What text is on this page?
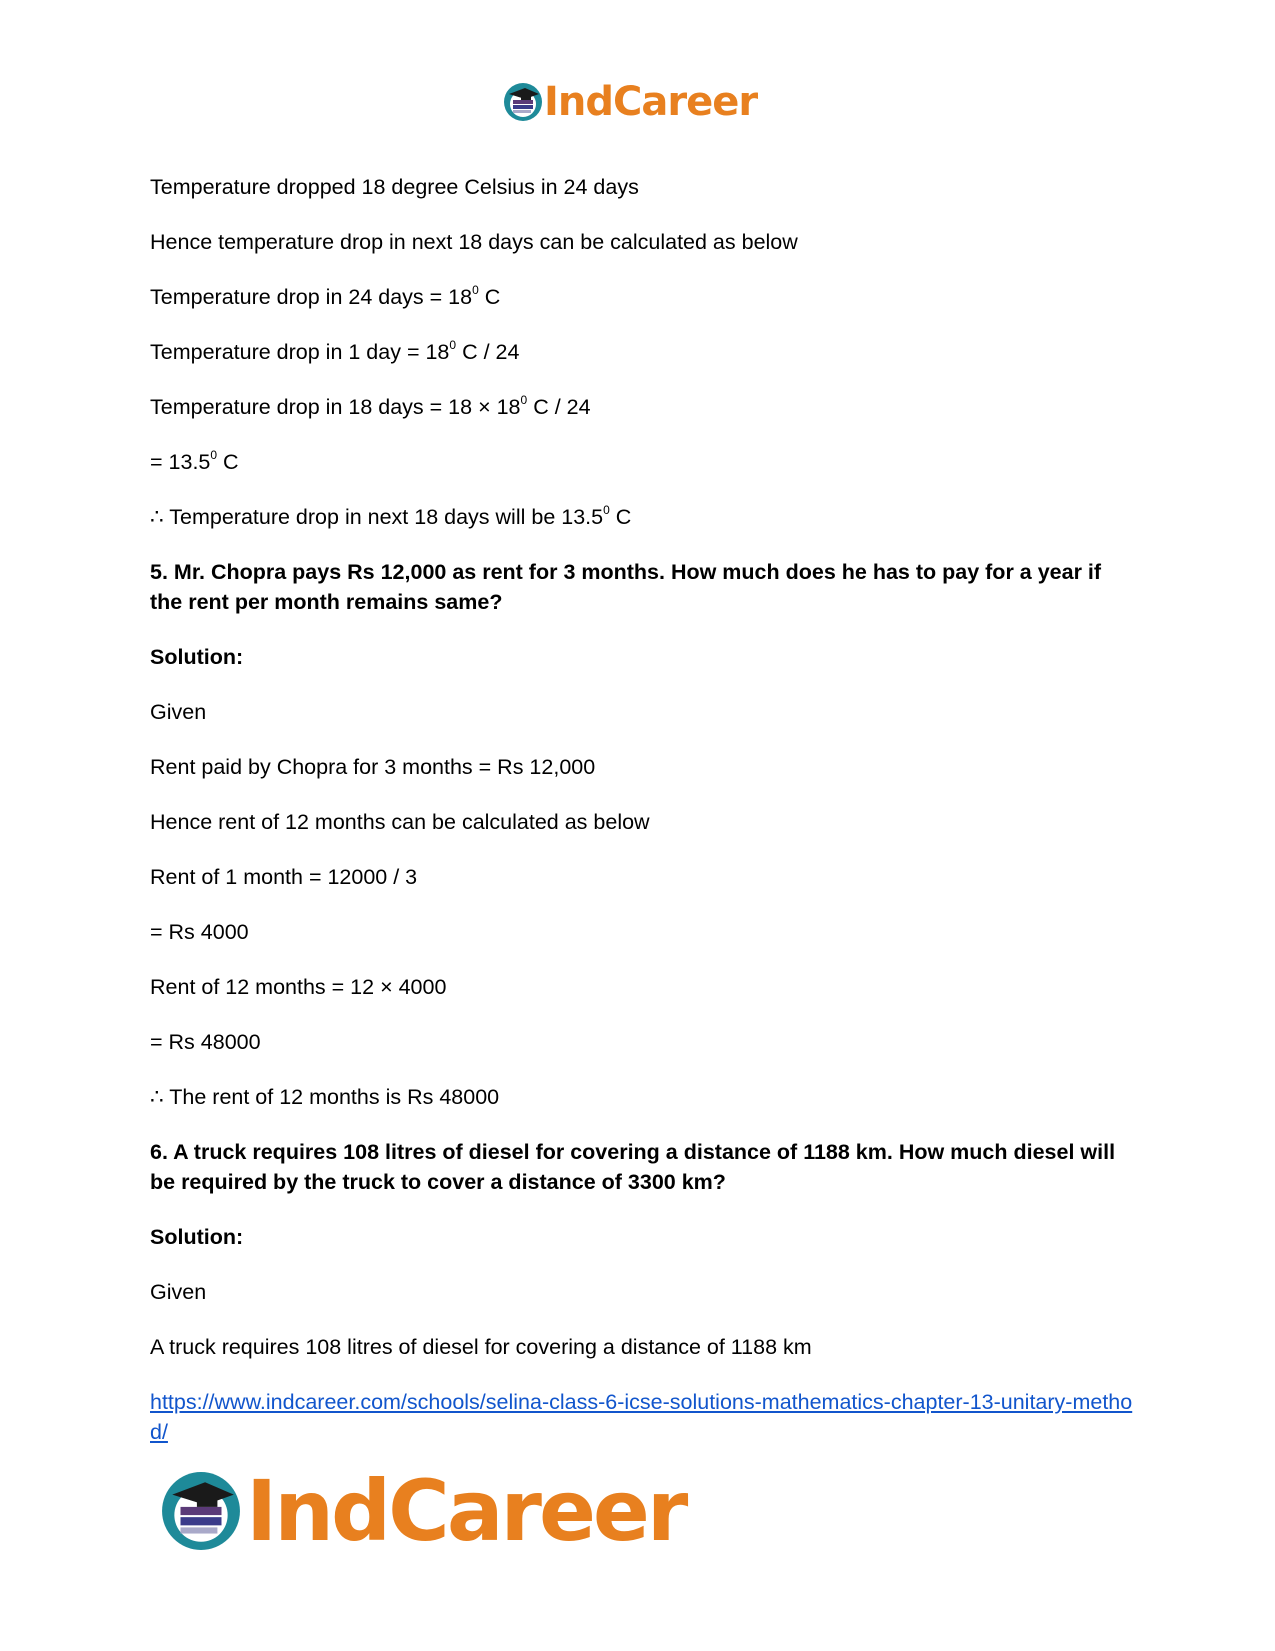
IndCareer

Temperature dropped 18 degree Celsius in 24 days

Hence temperature drop in next 18 days can be calculated as below

Temperature drop in 24 days = $18^0$ C

Temperature drop in 1 day = $18^0$ C / 24

Temperature drop in 18 days = $18 \times 18^0$ C / 24

= $13.5^0$ C

∴ Temperature drop in next 18 days will be 13.5$^0$ C

5. Mr. Chopra pays Rs 12,000 as rent for 3 months. How much does he has to pay for a year if the rent per month remains same?

Solution:

Given

Rent paid by Chopra for 3 months = Rs 12,000

Hence rent of 12 months can be calculated as below

Rent of 1 month = 12000 / 3

= Rs 4000

Rent of 12 months = 12 × 4000

= Rs 48000

∴ The rent of 12 months is Rs 48000

6. A truck requires 108 litres of diesel for covering a distance of 1188 km. How much diesel will be required by the truck to cover a distance of 3300 km?

Solution:

Given

A truck requires 108 litres of diesel for covering a distance of 1188 km

https://www.indcareer.com/schools/selina-class-6-icse-solutions-mathematics-chapter-13-unitary-method/

IndCareer
